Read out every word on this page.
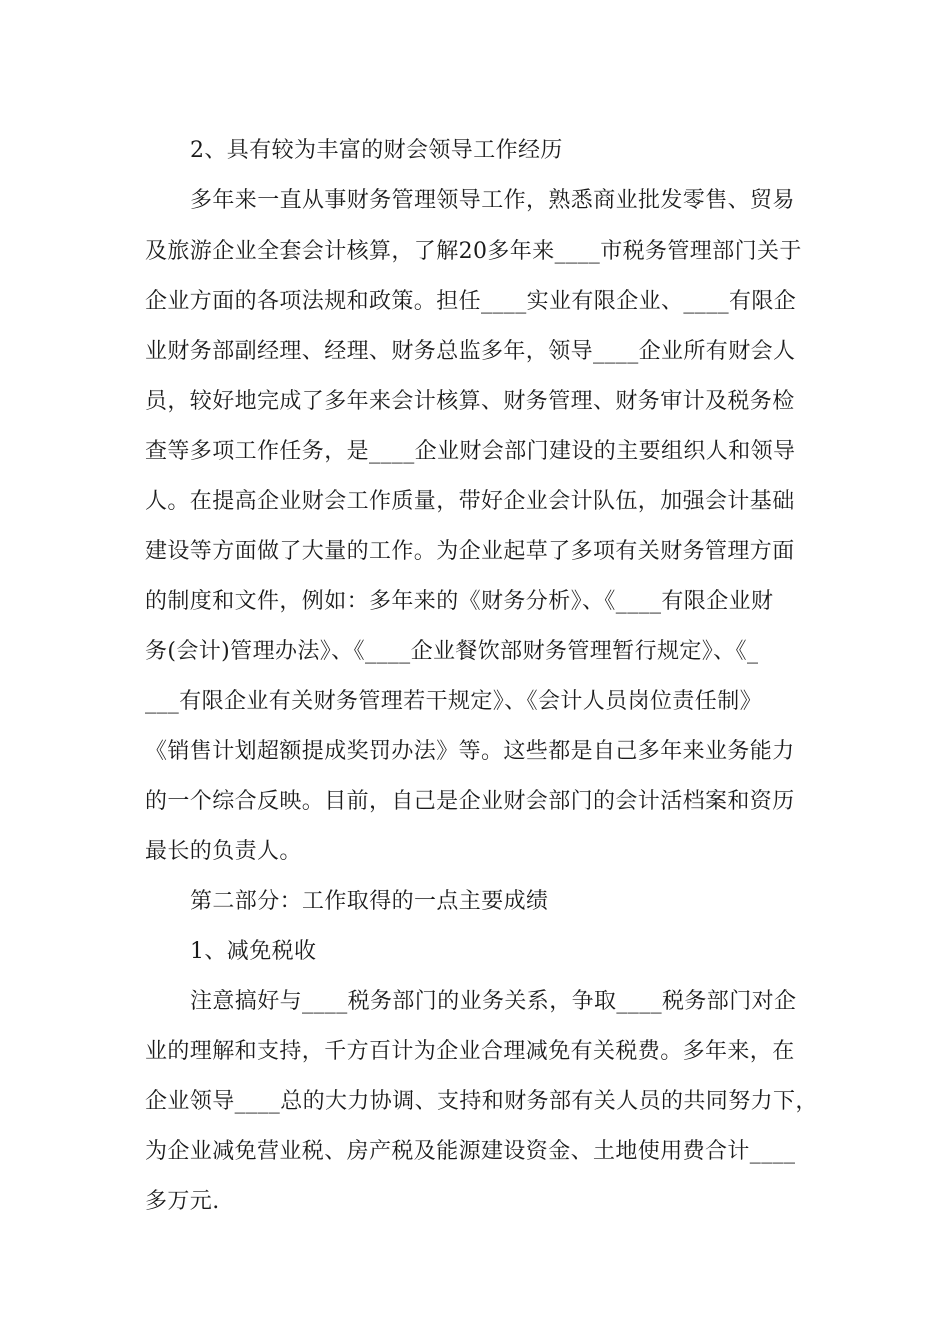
2、具有较为丰富的财会领导工作经历
多年来一直从事财务管理领导工作，熟悉商业批发零售、贸易
及旅游企业全套会计核算，了解20多年来____市税务管理部门关于
企业方面的各项法规和政策。担任____实业有限企业、____有限企
业财务部副经理、经理、财务总监多年，领导____企业所有财会人
员，较好地完成了多年来会计核算、财务管理、财务审计及税务检
查等多项工作任务，是____企业财会部门建设的主要组织人和领导
人。在提高企业财会工作质量，带好企业会计队伍，加强会计基础
建设等方面做了大量的工作。为企业起草了多项有关财务管理方面
的制度和文件，例如：多年来的《财务分析》、《____有限企业财
务(会计)管理办法》、《____企业餐饮部财务管理暂行规定》、《_
___有限企业有关财务管理若干规定》、《会计人员岗位责任制》
《销售计划超额提成奖罚办法》等。这些都是自己多年来业务能力
的一个综合反映。目前，自己是企业财会部门的会计活档案和资历
最长的负责人。
第二部分：工作取得的一点主要成绩
1、减免税收
注意搞好与____税务部门的业务关系，争取____税务部门对企
业的理解和支持，千方百计为企业合理减免有关税费。多年来，在
企业领导____总的大力协调、支持和财务部有关人员的共同努力下，
为企业减免营业税、房产税及能源建设资金、土地使用费合计____
多万元.
